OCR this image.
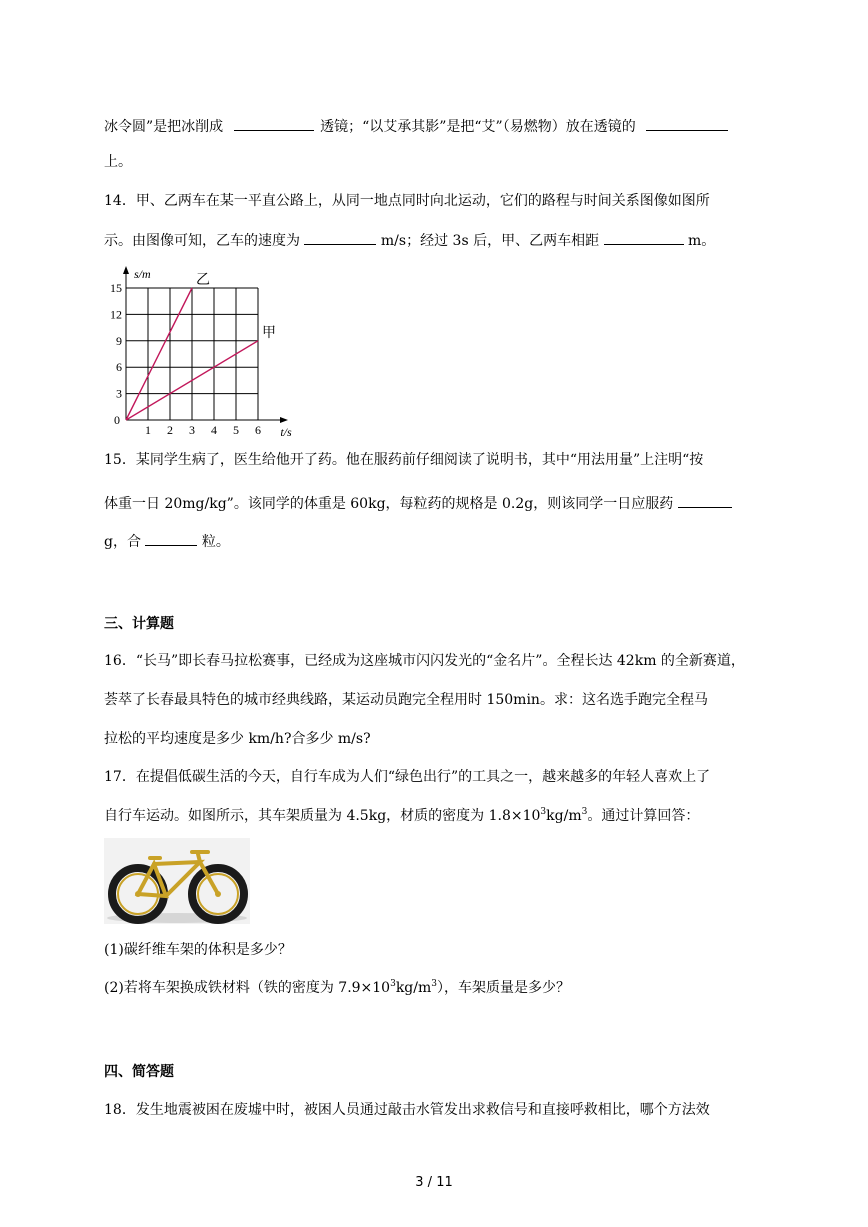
冰令圆”是把冰削成	透镜；“以艾承其影”是把“艾”（易燃物）放在透镜的
上。
14．甲、乙两车在某一平直公路上，从同一地点同时向北运动，它们的路程与时间关系图像如图所
示。由图像可知，乙车的速度为	m/s；经过 3s 后，甲、乙两车相距	m。
1 2 3 4 5 6
3
6
9
12
15
0
t/s
s/m	乙
甲
15．某同学生病了，医生给他开了药。他在服药前仔细阅读了说明书，其中“用法用量”上注明“按
体重一日 20mg/kg”。该同学的体重是 60kg，每粒药的规格是 0.2g，则该同学一日应服药
g，合	粒。
三、计算题
16．“长马”即长春马拉松赛事，已经成为这座城市闪闪发光的“金名片”。全程长达 42km 的全新赛道，
荟萃了长春最具特色的城市经典线路，某运动员跑完全程用时 150min。求：这名选手跑完全程马
拉松的平均速度是多少 km/h?合多少 m/s?
17．在提倡低碳生活的今天，自行车成为人们“绿色出行”的工具之一，越来越多的年轻人喜欢上了
自行车运动。如图所示，其车架质量为 4.5kg，材质的密度为 $1.8\times 10^3kg/m^3$。通过计算回答：
(1)碳纤维车架的体积是多少？
(2)若将车架换成铁材料（铁的密度为 $7.9\times 10^3kg/m^3$），车架质量是多少？
四、简答题
18．发生地震被困在废墟中时，被困人员通过敲击水管发出求救信号和直接呼救相比，哪个方法效
3 / 11
